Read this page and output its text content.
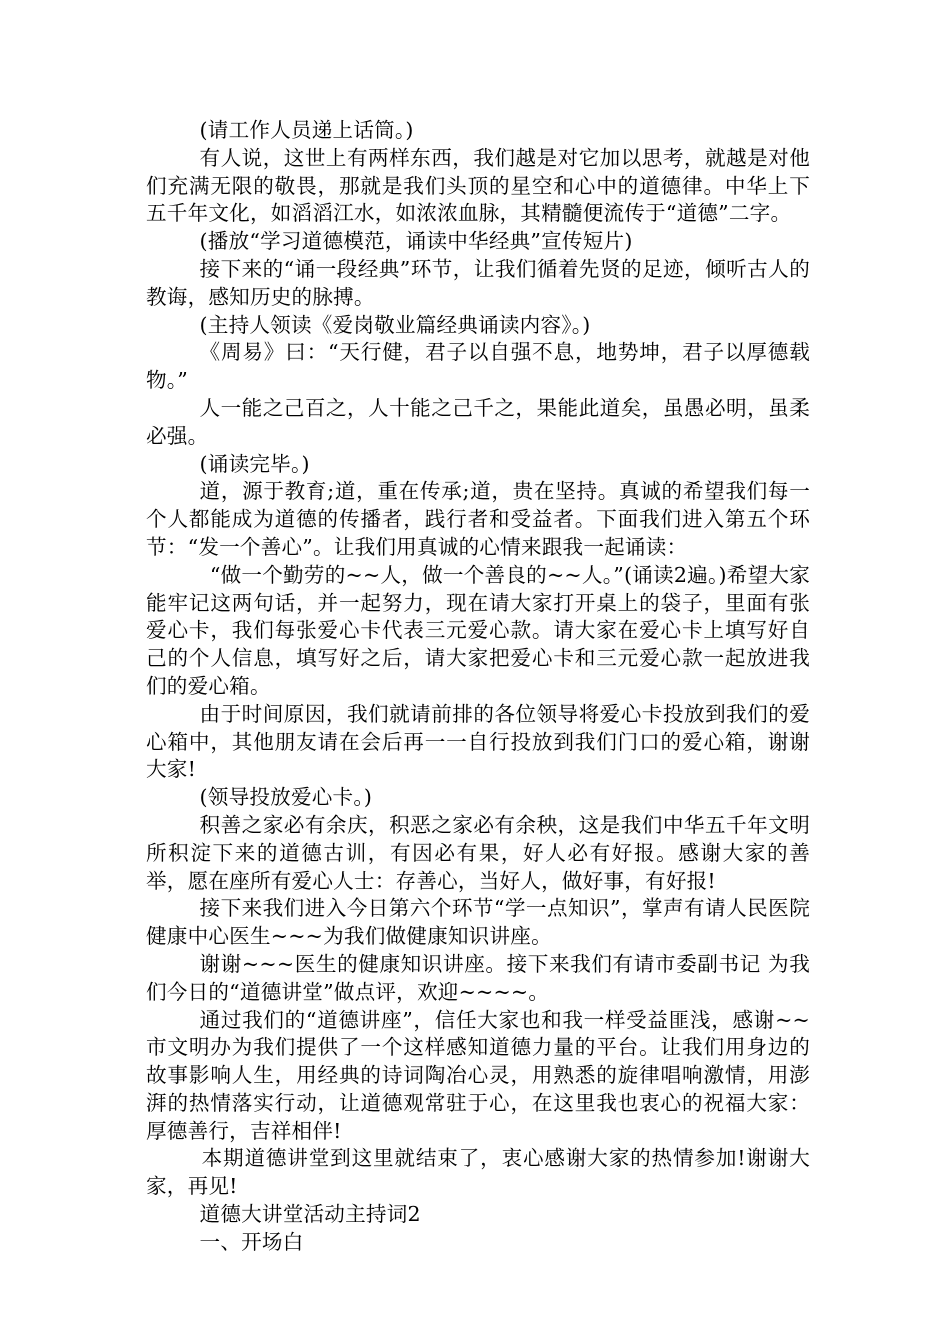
(请工作人员递上话筒。)

有人说，这世上有两样东西，我们越是对它加以思考，就越是对他们充满无限的敬畏，那就是我们头顶的星空和心中的道德律。中华上下五千年文化，如滔滔江水，如浓浓血脉，其精髓便流传于“道德”二字。

(播放“学习道德模范，诵读中华经典”宣传短片)

接下来的“诵一段经典”环节，让我们循着先贤的足迹，倾听古人的教诲，感知历史的脉搏。

(主持人领读《爱岗敬业篇经典诵读内容》。)

《周易》曰：“天行健，君子以自强不息，地势坤，君子以厚德载物。”

人一能之己百之，人十能之己千之，果能此道矣，虽愚必明，虽柔必强。

(诵读完毕。)

道，源于教育;道，重在传承;道，贵在坚持。真诚的希望我们每一个人都能成为道德的传播者，践行者和受益者。下面我们进入第五个环节：“发一个善心”。让我们用真诚的心情来跟我一起诵读：

“做一个勤劳的~~人，做一个善良的~~人。”(诵读2遍。)希望大家能牢记这两句话，并一起努力，现在请大家打开桌上的袋子，里面有张爱心卡，我们每张爱心卡代表三元爱心款。请大家在爱心卡上填写好自己的个人信息，填写好之后，请大家把爱心卡和三元爱心款一起放进我们的爱心箱。

由于时间原因，我们就请前排的各位领导将爱心卡投放到我们的爱心箱中，其他朋友请在会后再一一自行投放到我们门口的爱心箱，谢谢大家!

(领导投放爱心卡。)

积善之家必有余庆，积恶之家必有余秧，这是我们中华五千年文明所积淀下来的道德古训，有因必有果，好人必有好报。感谢大家的善举，愿在座所有爱心人士：存善心，当好人，做好事，有好报!

接下来我们进入今日第六个环节“学一点知识”，掌声有请人民医院健康中心医生~~~为我们做健康知识讲座。

谢谢~~~医生的健康知识讲座。接下来我们有请市委副书记 为我们今日的“道德讲堂”做点评，欢迎~~~~。

通过我们的“道德讲座”，信任大家也和我一样受益匪浅，感谢~~市文明办为我们提供了一个这样感知道德力量的平台。让我们用身边的故事影响人生，用经典的诗词陶冶心灵，用熟悉的旋律唱响激情，用澎湃的热情落实行动，让道德观常驻于心，在这里我也衷心的祝福大家：厚德善行，吉祥相伴!

本期道德讲堂到这里就结束了，衷心感谢大家的热情参加!谢谢大家，再见!

道德大讲堂活动主持词2

一、开场白
